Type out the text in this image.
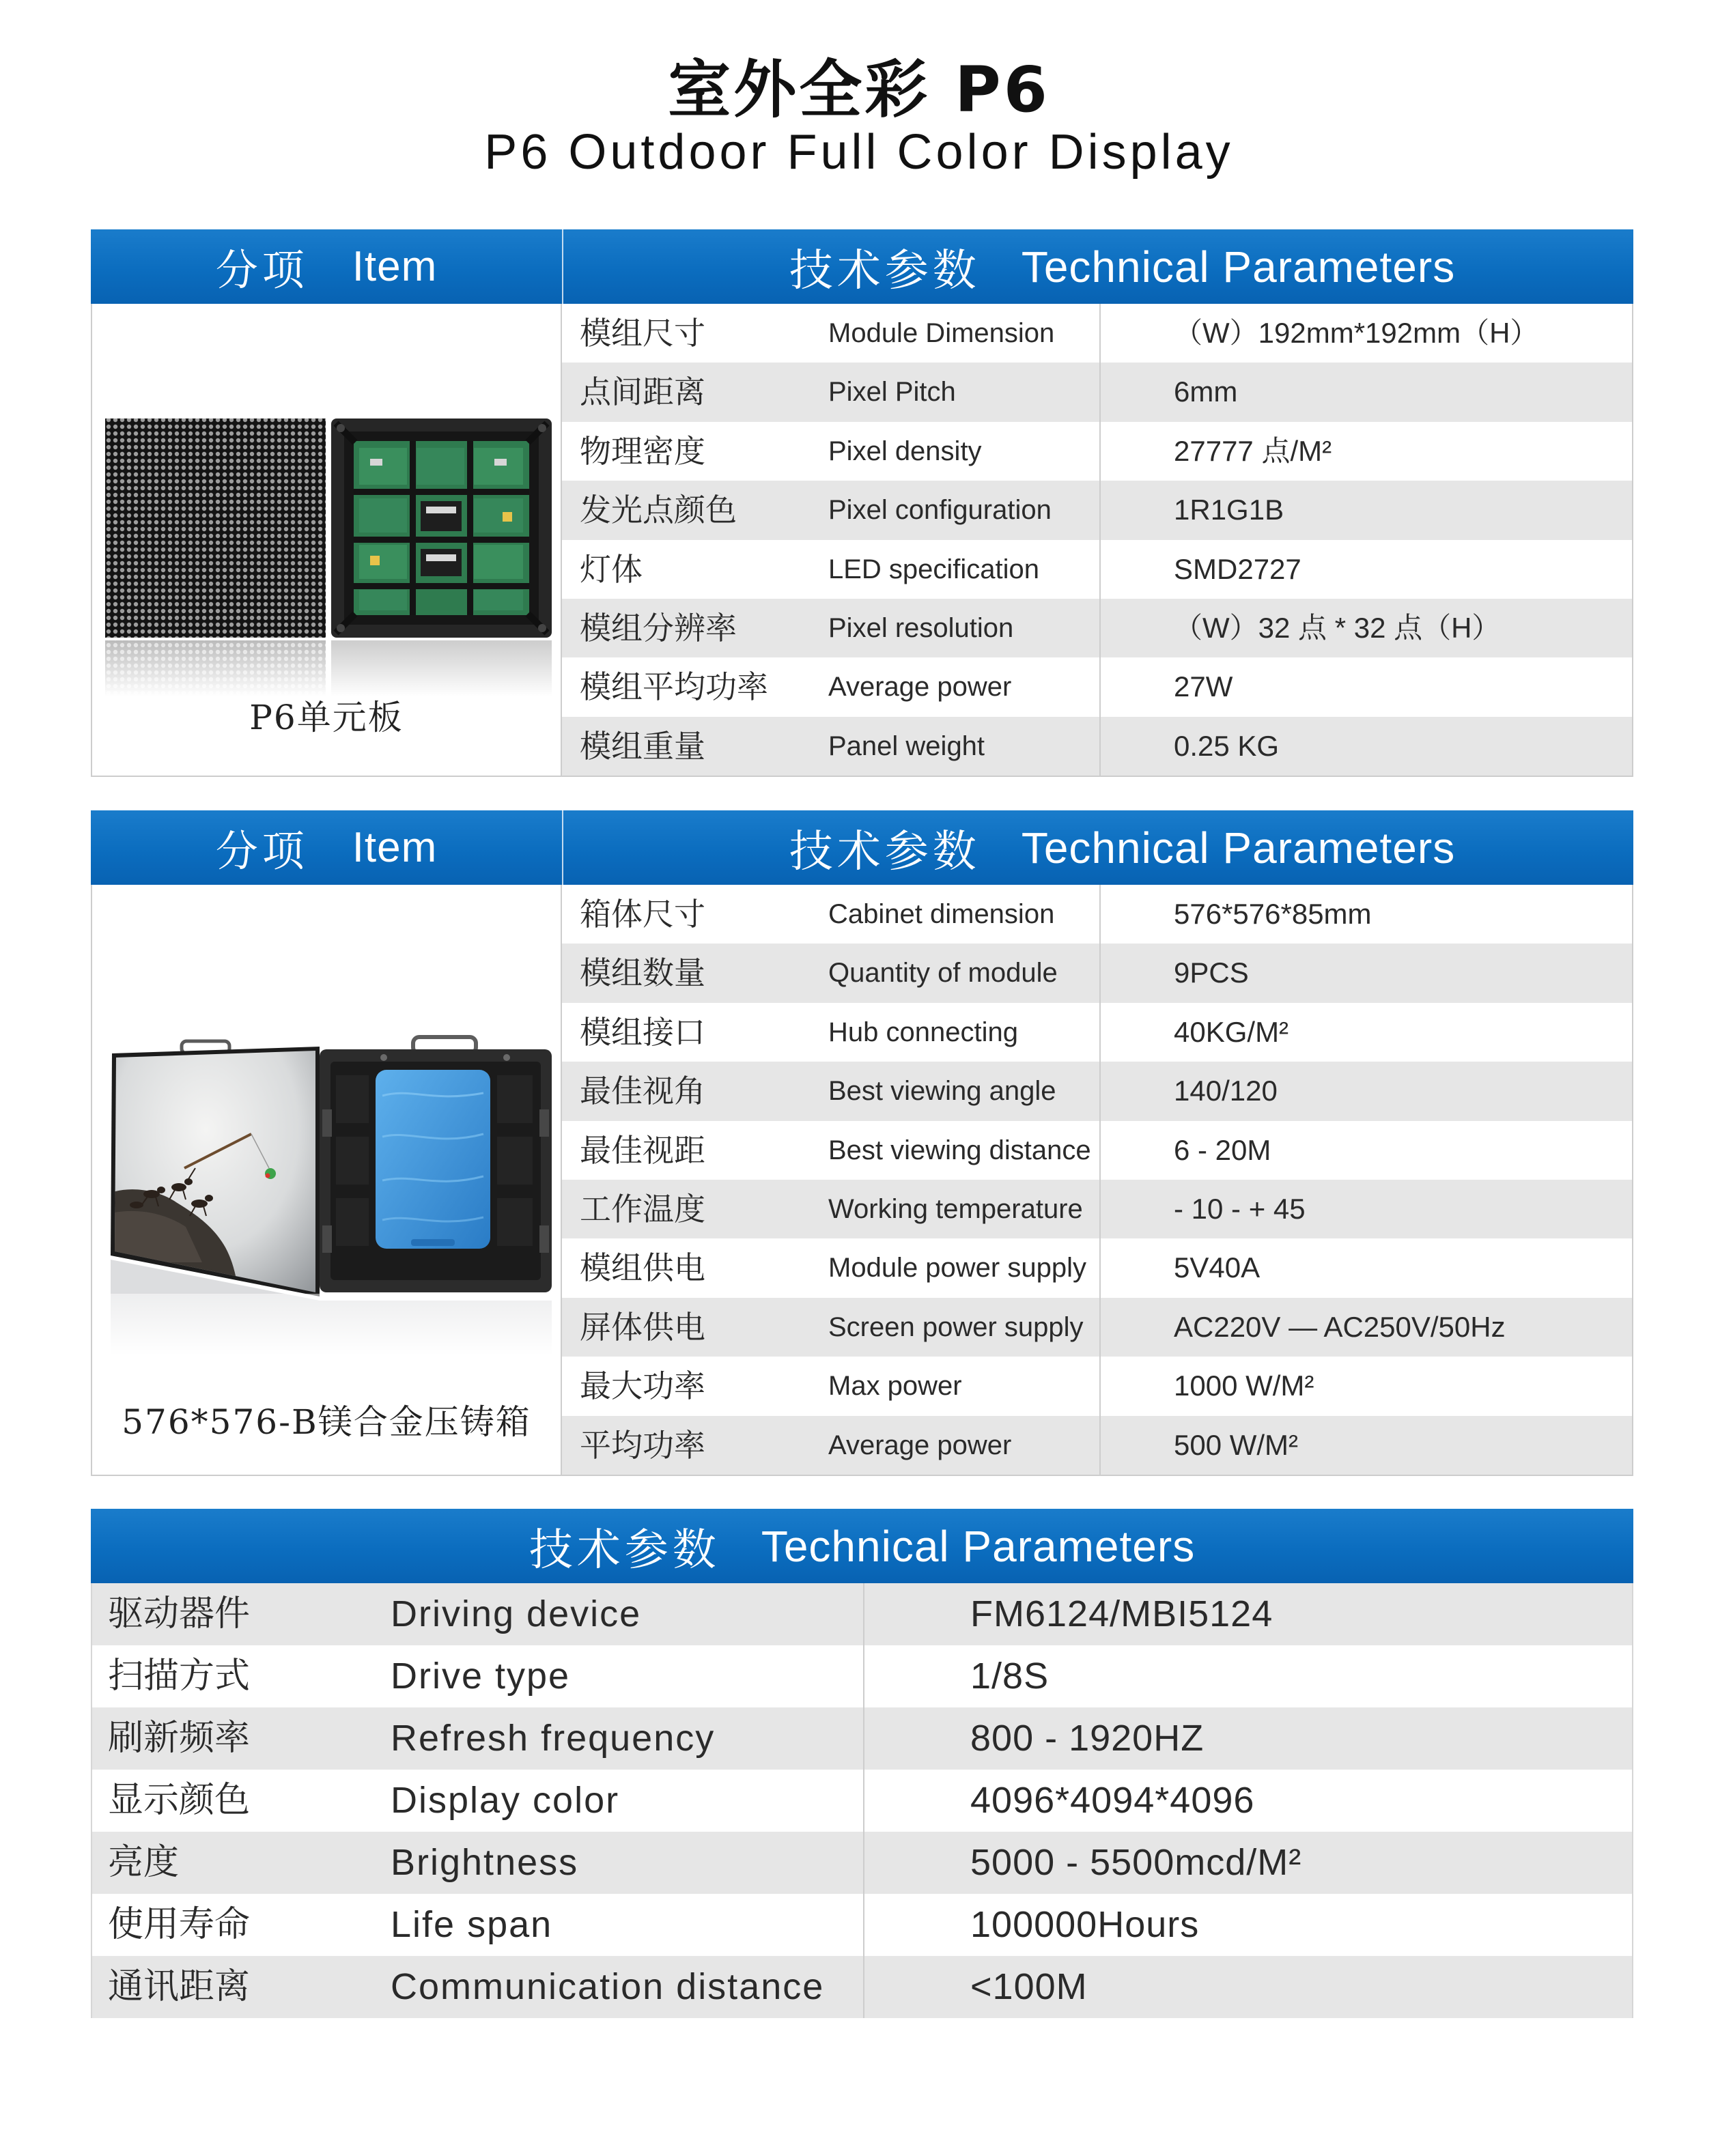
室外全彩 P6
P6 Outdoor Full Color Display
分项 Item	技术参数 Technical Parameters
P6单元板
模组尺寸	Module Dimension	（W）192mm*192mm（H）
点间距离	Pixel Pitch	6mm
物理密度	Pixel density	27777 点/M²
发光点颜色	Pixel configuration	1R1G1B
灯体	LED specification	SMD2727
模组分辨率	Pixel resolution	（W）32 点 * 32 点（H）
模组平均功率 Average power	27W
模组重量	Panel weight	0.25 KG
分项 Item	技术参数 Technical Parameters
576*576-B镁合金压铸箱
箱体尺寸	Cabinet dimension	576*576*85mm
模组数量	Quantity of module	9PCS
模组接口	Hub connecting	40KG/M²
最佳视角	Best viewing angle	140/120
最佳视距	Best viewing distance	6 - 20M
工作温度	Working temperature	- 10 - + 45
模组供电	Module power supply	5V40A
屏体供电	Screen power supply	AC220V — AC250V/50Hz
最大功率	Max power	1000 W/M²
平均功率	Average power	500 W/M²
技术参数 Technical Parameters
驱动器件	Driving device	FM6124/MBI5124
扫描方式	Drive type	1/8S
刷新频率	Refresh frequency	800 - 1920HZ
显示颜色	Display color	4096*4094*4096
亮度	Brightness	5000 - 5500mcd/M²
使用寿命	Life span	100000Hours
通讯距离	Communication distance	<100M
